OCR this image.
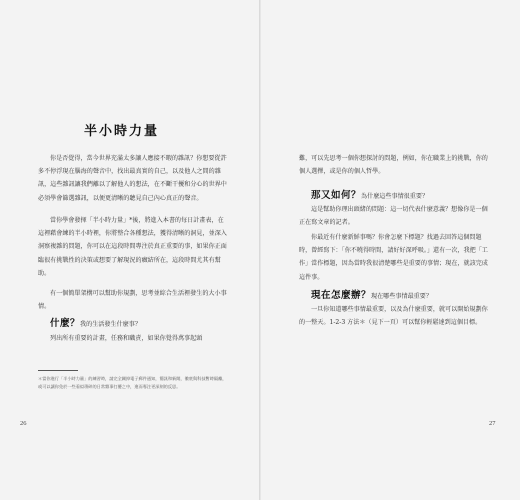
半小時力量

你是否覺得，當今世界充滿太多讓人應接不暇的雜訊？你想要從許多不停浮現在腦海的聲音中，找出最真實的自己，以及他人之間的雜訊，這些雜訊讓我們離以了解他人的想法，在不斷干擾和分心的世界中必須學會篩選雜訊，以便更清晰的聽見自己內心真正的聲音。

當你學會發揮「半小時力量」*後，將進入本書的每日計畫表，在這裡藉會練的半小時裡，你將整合各種想法，獲得清晰的洞見，並深入洞察複雜的問題，你可以在這段時間專注於真正重要的事，如果你正面臨很有挑戰性的決策或想要了解現況的癥結所在，這段時間尤其有幫助。

有一個簡單架構可以幫助你規劃，思考並綜合生活裡發生的大小事情。

什麼？我的生活發生什麼事？

列出所有重要的計畫，任務和職責，如果你覺得萬事起頭

＊當你進行「半小時力量」的練習時，請完全關掉電子郵件通知，簡訊和新聞，徹底與科技暫時隔離，或可以讓你免於一些看似瑣碎的日常雜事打擾之中，進而專注更深刻的反思。

26

難，可以先思考一個你想探討的問題，例如，你在職業上的挑戰，你的個人選擇，或是你的個人哲學。

那又如何？為什麼這些事情很重要？

這是幫助你理出頭緒的問題：這一切代表什麼意義？想像你是一個正在寫文章的記者。

你最近有什麼新鮮事嗎？你會怎麼下標題？找過去回答這個問題時，曾經寫下：「你不曉得時間，請好好深呼吸。」還有一次，我把「工作」當作標題，因為當時我很清楚哪些是重要的事情；現在，就該完成這件事。

現在怎麼辦？現在哪些事情最重要？

一旦你知道哪些事情最重要，以及為什麼重要，就可以開始規劃你的一整天。1-2-3 方法＊（見下一頁）可以幫你輕鬆達到這個目標。

27
